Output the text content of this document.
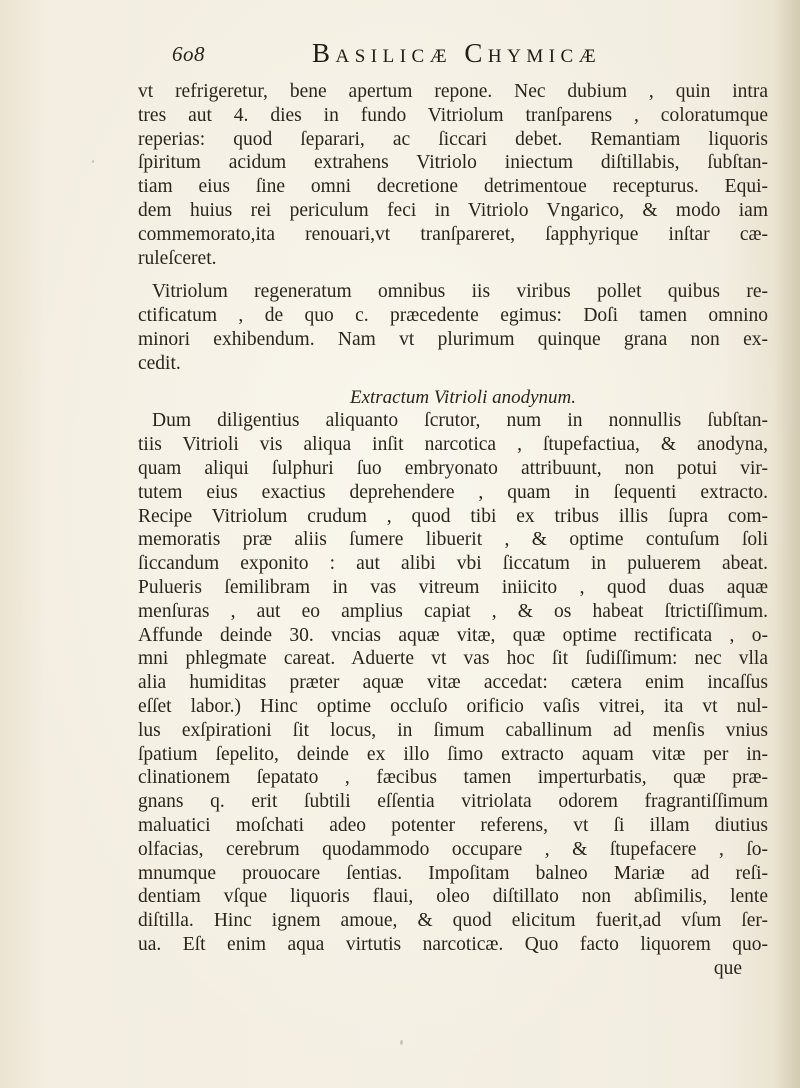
6o8	Basilicæ Chymicæ
vt refrigeretur, bene apertum repone. Nec dubium , quin intra
tres aut 4. dies in fundo Vitriolum tranſparens , coloratumque
reperias: quod ſeparari, ac ſiccari debet. Remantiam liquoris
ſpiritum acidum extrahens Vitriolo iniectum diſtillabis, ſubſtan-
tiam eius ſine omni decretione detrimentoue recepturus. Equi-
dem huius rei periculum feci in Vitriolo Vngarico, & modo iam
commemorato,ita renouari,vt tranſpareret, ſapphyrique inſtar cæ-
ruleſceret.
Vitriolum regeneratum omnibus iis viribus pollet quibus re-
ctificatum , de quo c. præcedente egimus: Doſi tamen omnino
minori exhibendum. Nam vt plurimum quinque grana non ex-
cedit.
Extractum Vitrioli anodynum.
Dum diligentius aliquanto ſcrutor, num in nonnullis ſubſtan-
tiis Vitrioli vis aliqua inſit narcotica , ſtupefactiua, & anodyna,
quam aliqui ſulphuri ſuo embryonato attribuunt, non potui vir-
tutem eius exactius deprehendere , quam in ſequenti extracto.
Recipe Vitriolum crudum , quod tibi ex tribus illis ſupra com-
memoratis præ aliis ſumere libuerit , & optime contuſum ſoli
ſiccandum exponito : aut alibi vbi ſiccatum in puluerem abeat.
Pulueris ſemilibram in vas vitreum iniicito , quod duas aquæ
menſuras , aut eo amplius capiat , & os habeat ſtrictiſſimum.
Affunde deinde 30. vncias aquæ vitæ, quæ optime rectificata , o-
mni phlegmate careat. Aduerte vt vas hoc ſit ſudiſſimum: nec vlla
alia humiditas præter aquæ vitæ accedat: cætera enim incaſſus
eſſet labor.) Hinc optime occluſo orificio vaſis vitrei, ita vt nul-
lus exſpirationi ſit locus, in ſimum caballinum ad menſis vnius
ſpatium ſepelito, deinde ex illo ſimo extracto aquam vitæ per in-
clinationem ſepatato , fæcibus tamen imperturbatis, quæ præ-
gnans q. erit ſubtili eſſentia vitriolata odorem fragrantiſſimum
maluatici moſchati adeo potenter referens, vt ſi illam diutius
olfacias, cerebrum quodammodo occupare , & ſtupefacere , ſo-
mnumque prouocare ſentias. Impoſitam balneo Mariæ ad reſi-
dentiam vſque liquoris flaui, oleo diſtillato non abſimilis, lente
diſtilla. Hinc ignem amoue, & quod elicitum fuerit,ad vſum ſer-
ua. Eſt enim aqua virtutis narcoticæ. Quo facto liquorem quo-
que
